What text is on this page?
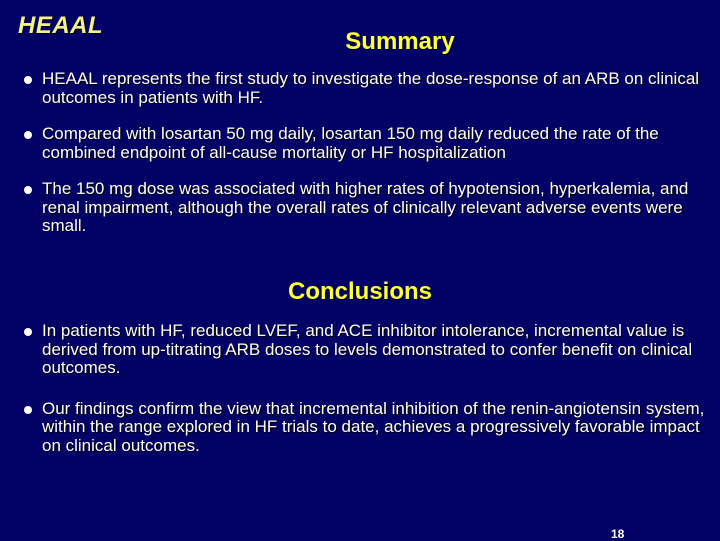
HEAAL
Summary
HEAAL represents the first study to investigate the dose-response of an ARB on clinical outcomes in patients with HF.
Compared with losartan 50 mg daily, losartan 150 mg daily reduced the rate of the combined endpoint of all-cause mortality or HF hospitalization
The 150 mg dose was associated with higher rates of hypotension, hyperkalemia, and renal impairment, although the overall rates of clinically relevant adverse events were small.
Conclusions
In patients with HF, reduced LVEF, and ACE inhibitor intolerance, incremental value is derived from up-titrating ARB doses to levels demonstrated to confer benefit on clinical outcomes.
Our findings confirm the view that incremental inhibition of the renin-angiotensin system, within the range explored in HF trials to date, achieves a progressively favorable impact on clinical outcomes.
18
